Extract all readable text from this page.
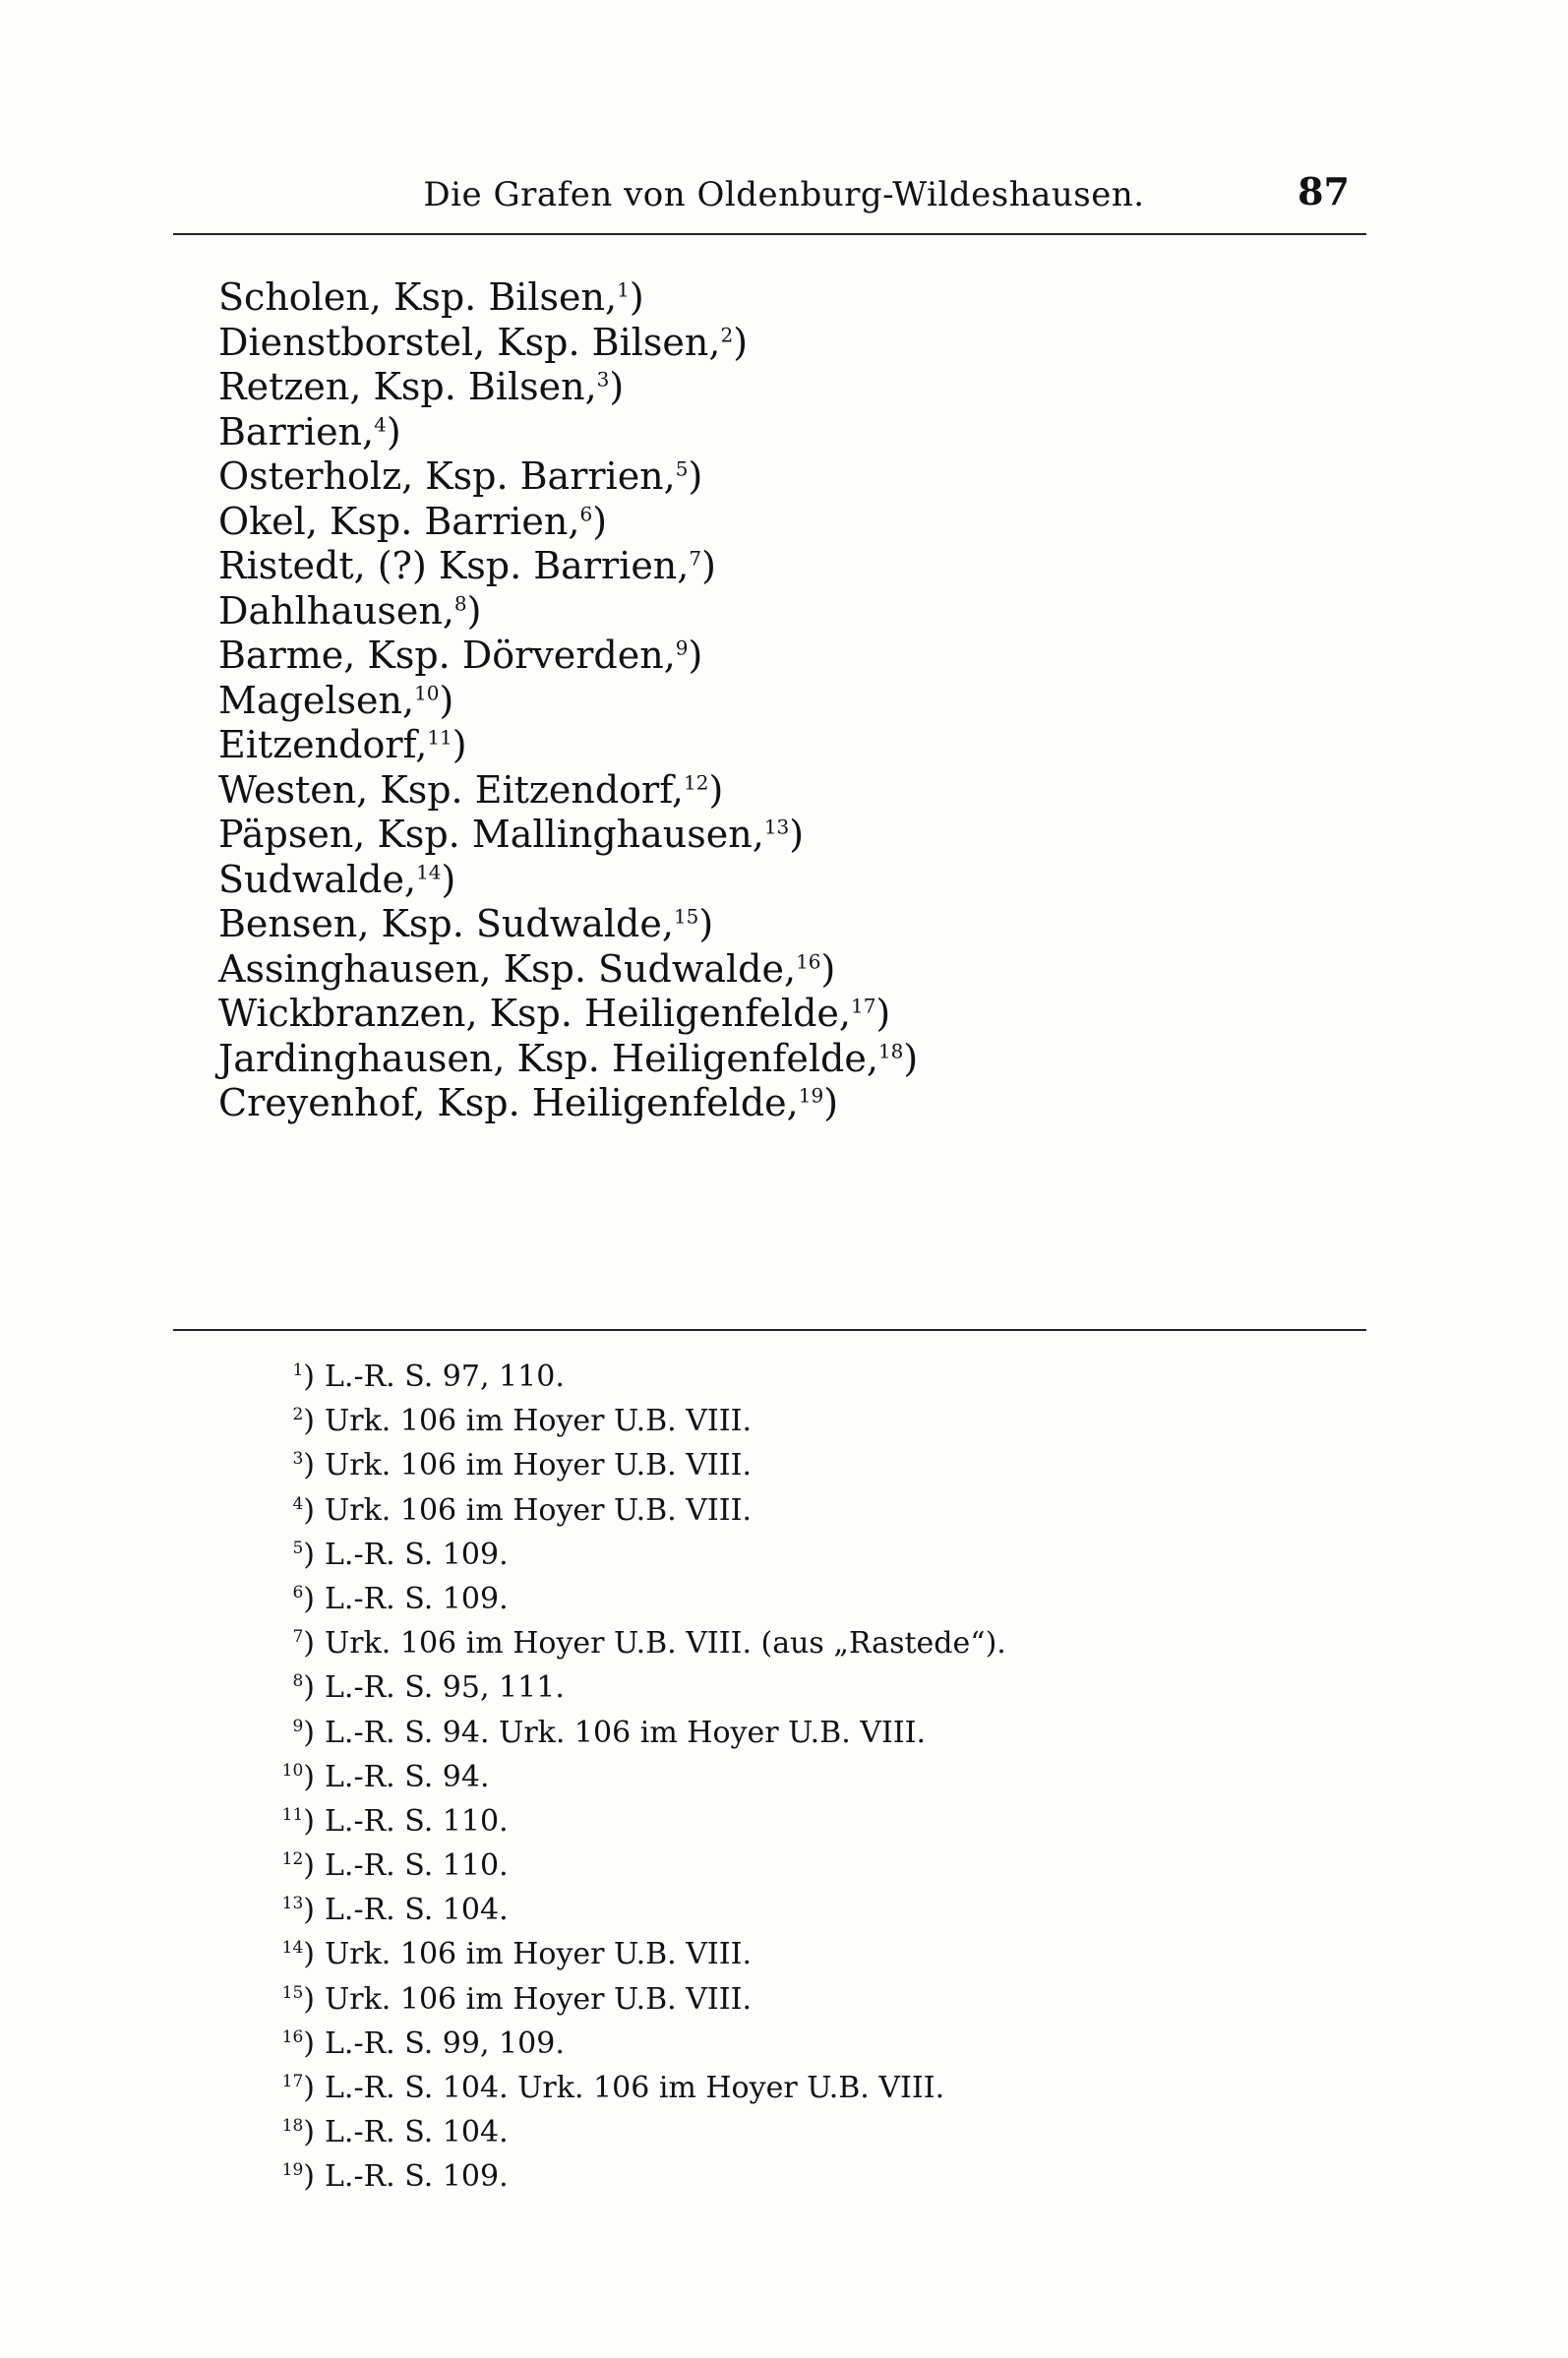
Die Grafen von Oldenburg-Wildeshausen.	87
Scholen, Ksp. Bilsen,$^1$)
Dienstborstel, Ksp. Bilsen,$^2$)
Retzen, Ksp. Bilsen,$^3$)
Barrien,$^4$)
Osterholz, Ksp. Barrien,$^5$)
Okel, Ksp. Barrien,$^6$)
Ristedt, (?) Ksp. Barrien,$^7$)
Dahlhausen,$^8$)
Barme, Ksp. Dörverden,$^9$)
Magelsen,$^{10}$)
Eitzendorf,$^{11}$)
Westen, Ksp. Eitzendorf,$^{12}$)
Päpsen, Ksp. Mallinghausen,$^{13}$)
Sudwalde,$^{14}$)
Bensen, Ksp. Sudwalde,$^{15}$)
Assinghausen, Ksp. Sudwalde,$^{16}$)
Wickbranzen, Ksp. Heiligenfelde,$^{17}$)
Jardinghausen, Ksp. Heiligenfelde,$^{18}$)
Creyenhof, Ksp. Heiligenfelde,$^{19}$)
$^1$) L.-R. S. 97, 110.
$^2$) Urk. 106 im Hoyer U.B. VIII.
$^3$) Urk. 106 im Hoyer U.B. VIII.
$^4$) Urk. 106 im Hoyer U.B. VIII.
$^5$) L.-R. S. 109.
$^6$) L.-R. S. 109.
$^7$) Urk. 106 im Hoyer U.B. VIII. (aus „Rastede“).
$^8$) L.-R. S. 95, 111.
$^9$) L.-R. S. 94. Urk. 106 im Hoyer U.B. VIII.
$^{10}$) L.-R. S. 94.
$^{11}$) L.-R. S. 110.
$^{12}$) L.-R. S. 110.
$^{13}$) L.-R. S. 104.
$^{14}$) Urk. 106 im Hoyer U.B. VIII.
$^{15}$) Urk. 106 im Hoyer U.B. VIII.
$^{16}$) L.-R. S. 99, 109.
$^{17}$) L.-R. S. 104. Urk. 106 im Hoyer U.B. VIII.
$^{18}$) L.-R. S. 104.
$^{19}$) L.-R. S. 109.
